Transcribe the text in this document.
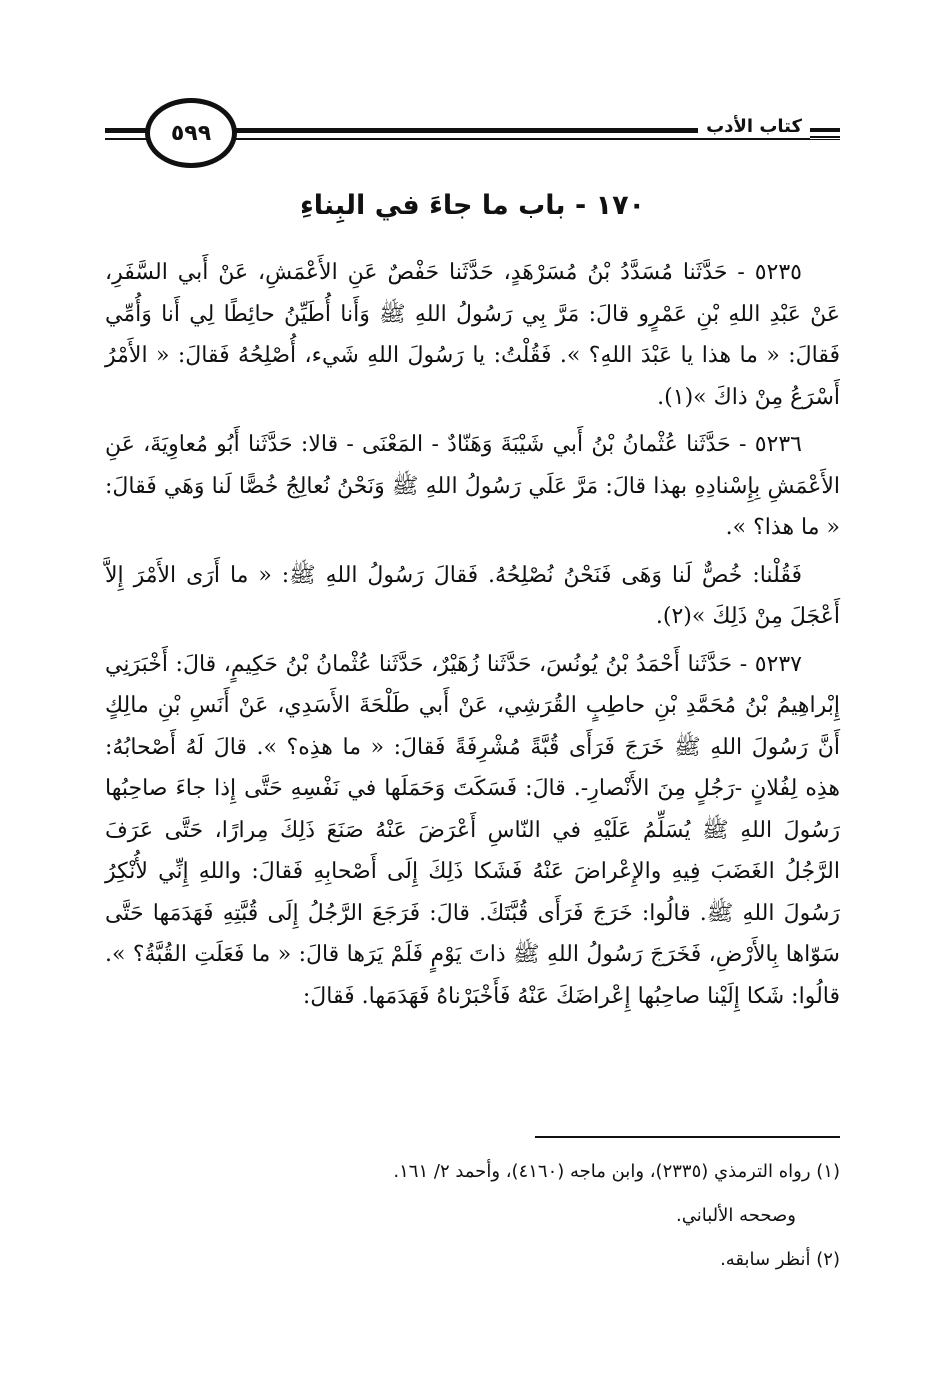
٥٩٩	كتاب الأدب
١٧٠ - باب ما جاءَ في البِناءِ

٥٢٣٥ - حَدَّثَنا مُسَدَّدُ بْنُ مُسَرْهَدٍ، حَدَّثَنا حَفْصٌ عَنِ الأَعْمَشِ، عَنْ أَبي السَّفَرِ، عَنْ عَبْدِ اللهِ بْنِ عَمْرٍو قالَ: مَرَّ بِي رَسُولُ اللهِ ﷺ وَأَنا أُطَيِّنُ حائِطًا لِي أَنا وَأُمِّي فَقالَ: « ما هذا يا عَبْدَ اللهِ؟ ». فَقُلْتُ: يا رَسُولَ اللهِ شَيء، أُصْلِحُهُ فَقالَ: « الأَمْرُ أَسْرَعُ مِنْ ذاكَ »(١).

٥٢٣٦ - حَدَّثَنا عُثْمانُ بْنُ أَبي شَيْبَةَ وَهَنّادٌ - المَعْنَى - قالا: حَدَّثَنا أَبُو مُعاوِيَةَ، عَنِ الأَعْمَشِ بِإِسْنادِهِ بهذا قالَ: مَرَّ عَلَي رَسُولُ اللهِ ﷺ وَنَحْنُ نُعالِجُ خُصًّا لَنا وَهَي فَقالَ: « ما هذا؟ ».

فَقُلْنا: خُصٌّ لَنا وَهَى فَنَحْنُ نُصْلِحُهُ. فَقالَ رَسُولُ اللهِ ﷺ: « ما أَرَى الأَمْرَ إِلاَّ أَعْجَلَ مِنْ ذَلِكَ »(٢).

٥٢٣٧ - حَدَّثَنا أَحْمَدُ بْنُ يُونُسَ، حَدَّثَنا زُهَيْرٌ، حَدَّثَنا عُثْمانُ بْنُ حَكِيمٍ، قالَ: أَخْبَرَنِي إِبْراهِيمُ بْنُ مُحَمَّدِ بْنِ حاطِبٍ القُرَشِي، عَنْ أَبي طَلْحَةَ الأَسَدِي، عَنْ أَنَسِ بْنِ مالِكٍ أَنَّ رَسُولَ اللهِ ﷺ خَرَجَ فَرَأَى قُبَّةً مُشْرِفَةً فَقالَ: « ما هذِه؟ ». قالَ لَهُ أَصْحابُهُ: هذِه لِفُلانٍ -رَجُلٍ مِنَ الأَنْصارِ-. قالَ: فَسَكَتَ وَحَمَلَها في نَفْسِهِ حَتَّى إِذا جاءَ صاحِبُها رَسُولَ اللهِ ﷺ يُسَلِّمُ عَلَيْهِ في النّاسِ أَعْرَضَ عَنْهُ صَنَعَ ذَلِكَ مِرارًا، حَتَّى عَرَفَ الرَّجُلُ الغَضَبَ فِيهِ والإِعْراضَ عَنْهُ فَشَكا ذَلِكَ إِلَى أَصْحابِهِ فَقالَ: واللهِ إِنِّي لأُنْكِرُ رَسُولَ اللهِ ﷺ. قالُوا: خَرَجَ فَرَأَى قُبَّتَكَ. قالَ: فَرَجَعَ الرَّجُلُ إِلَى قُبَّتِهِ فَهَدَمَها حَتَّى سَوّاها بِالأَرْضِ، فَخَرَجَ رَسُولُ اللهِ ﷺ ذاتَ يَوْمٍ فَلَمْ يَرَها قالَ: « ما فَعَلَتِ القُبَّةُ؟ ». قالُوا: شَكا إِلَيْنا صاحِبُها إِعْراضَكَ عَنْهُ فَأَخْبَرْناهُ فَهَدَمَها. فَقالَ:

(١) رواه الترمذي (٢٣٣٥)، وابن ماجه (٤١٦٠)، وأحمد ٢/ ١٦١.

وصححه الألباني.

(٢) أنظر سابقه.
